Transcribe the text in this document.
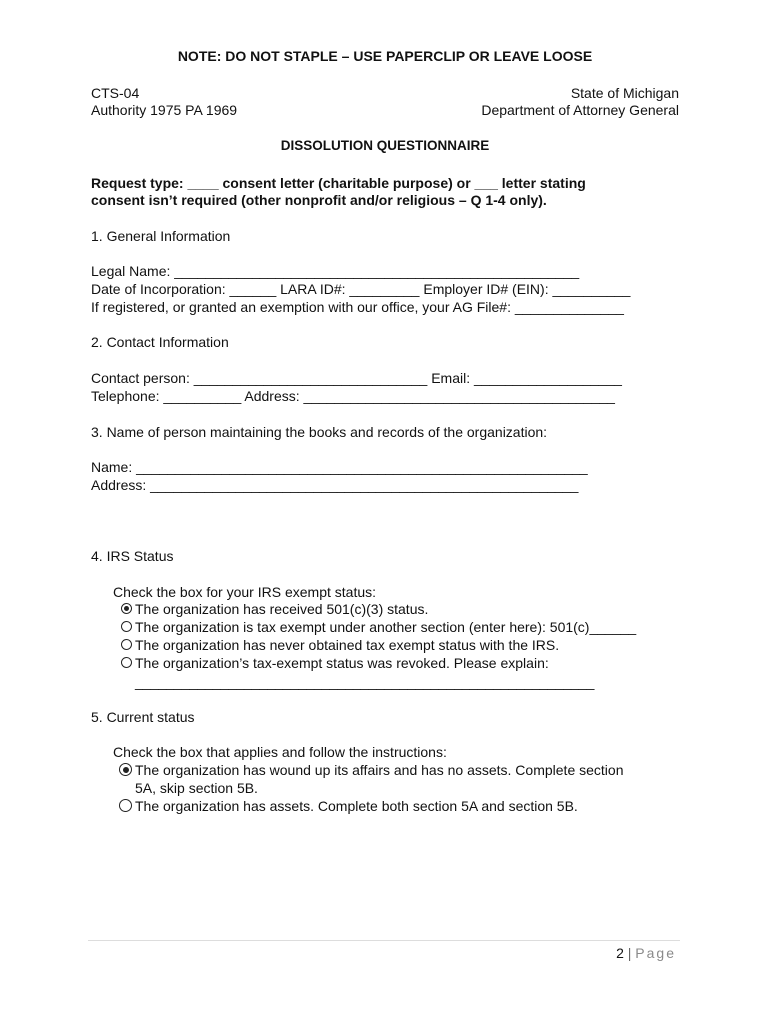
NOTE: DO NOT STAPLE – USE PAPERCLIP OR LEAVE LOOSE
CTS-04
Authority 1975 PA 1969
State of Michigan
Department of Attorney General
DISSOLUTION QUESTIONNAIRE
Request type: ____ consent letter (charitable purpose) or ___ letter stating
consent isn’t required (other nonprofit and/or religious – Q 1-4 only).
1. General Information
Legal Name: ____________________________________________________
Date of Incorporation: ______ LARA ID#: _________ Employer ID# (EIN): __________
If registered, or granted an exemption with our office, your AG File#: ______________
2. Contact Information
Contact person: ______________________________ Email: ___________________
Telephone: __________ Address: ________________________________________
3. Name of person maintaining the books and records of the organization:
Name: __________________________________________________________
Address: _______________________________________________________
4. IRS Status
Check the box for your IRS exempt status:
The organization has received 501(c)(3) status.
The organization is tax exempt under another section (enter here): 501(c)______
The organization has never obtained tax exempt status with the IRS.
The organization’s tax-exempt status was revoked. Please explain:
___________________________________________________________
5. Current status
Check the box that applies and follow the instructions:
The organization has wound up its affairs and has no assets. Complete section
5A, skip section 5B.
The organization has assets. Complete both section 5A and section 5B.
2 | Page
